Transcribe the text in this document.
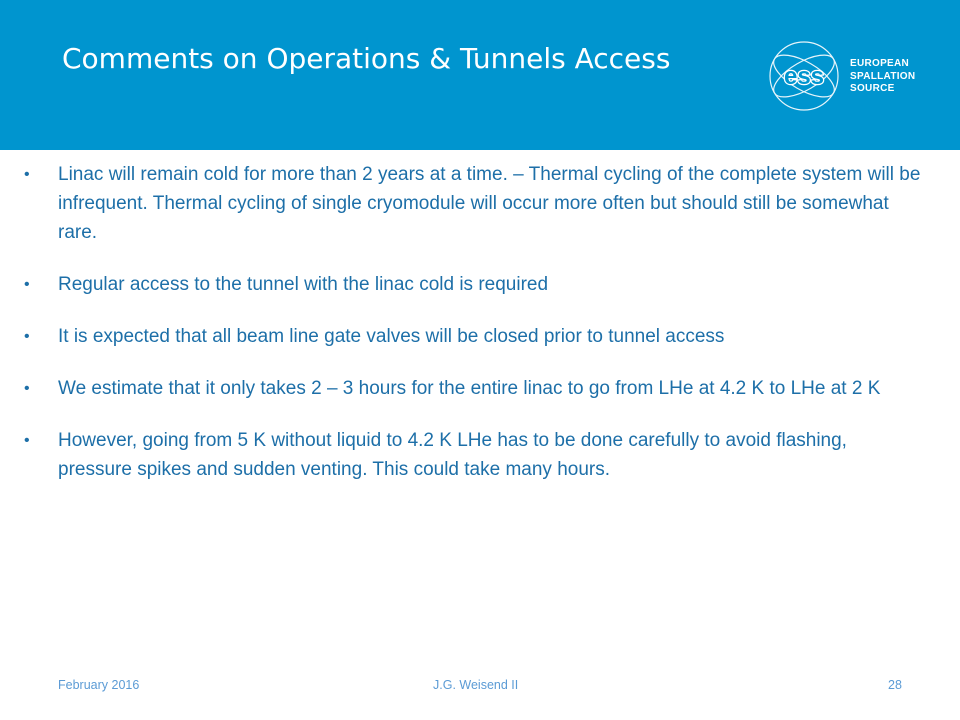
Comments on Operations & Tunnels Access
ess	EUROPEAN
SPALLATION
SOURCE
• Linac will remain cold for more than 2 years at a time. – Thermal cycling of the complete system will be infrequent. Thermal cycling of single cryomodule will occur more often but should still be somewhat rare.
• Regular access to the tunnel with the linac cold is required
• It is expected that all beam line gate valves will be closed prior to tunnel access
• We estimate that it only takes 2 – 3 hours for the entire linac to go from LHe at 4.2 K to LHe at 2 K
• However, going from 5 K without liquid to 4.2 K LHe has to be done carefully to avoid flashing, pressure spikes and sudden venting. This could take many hours.
February 2016	J.G. Weisend II	28
